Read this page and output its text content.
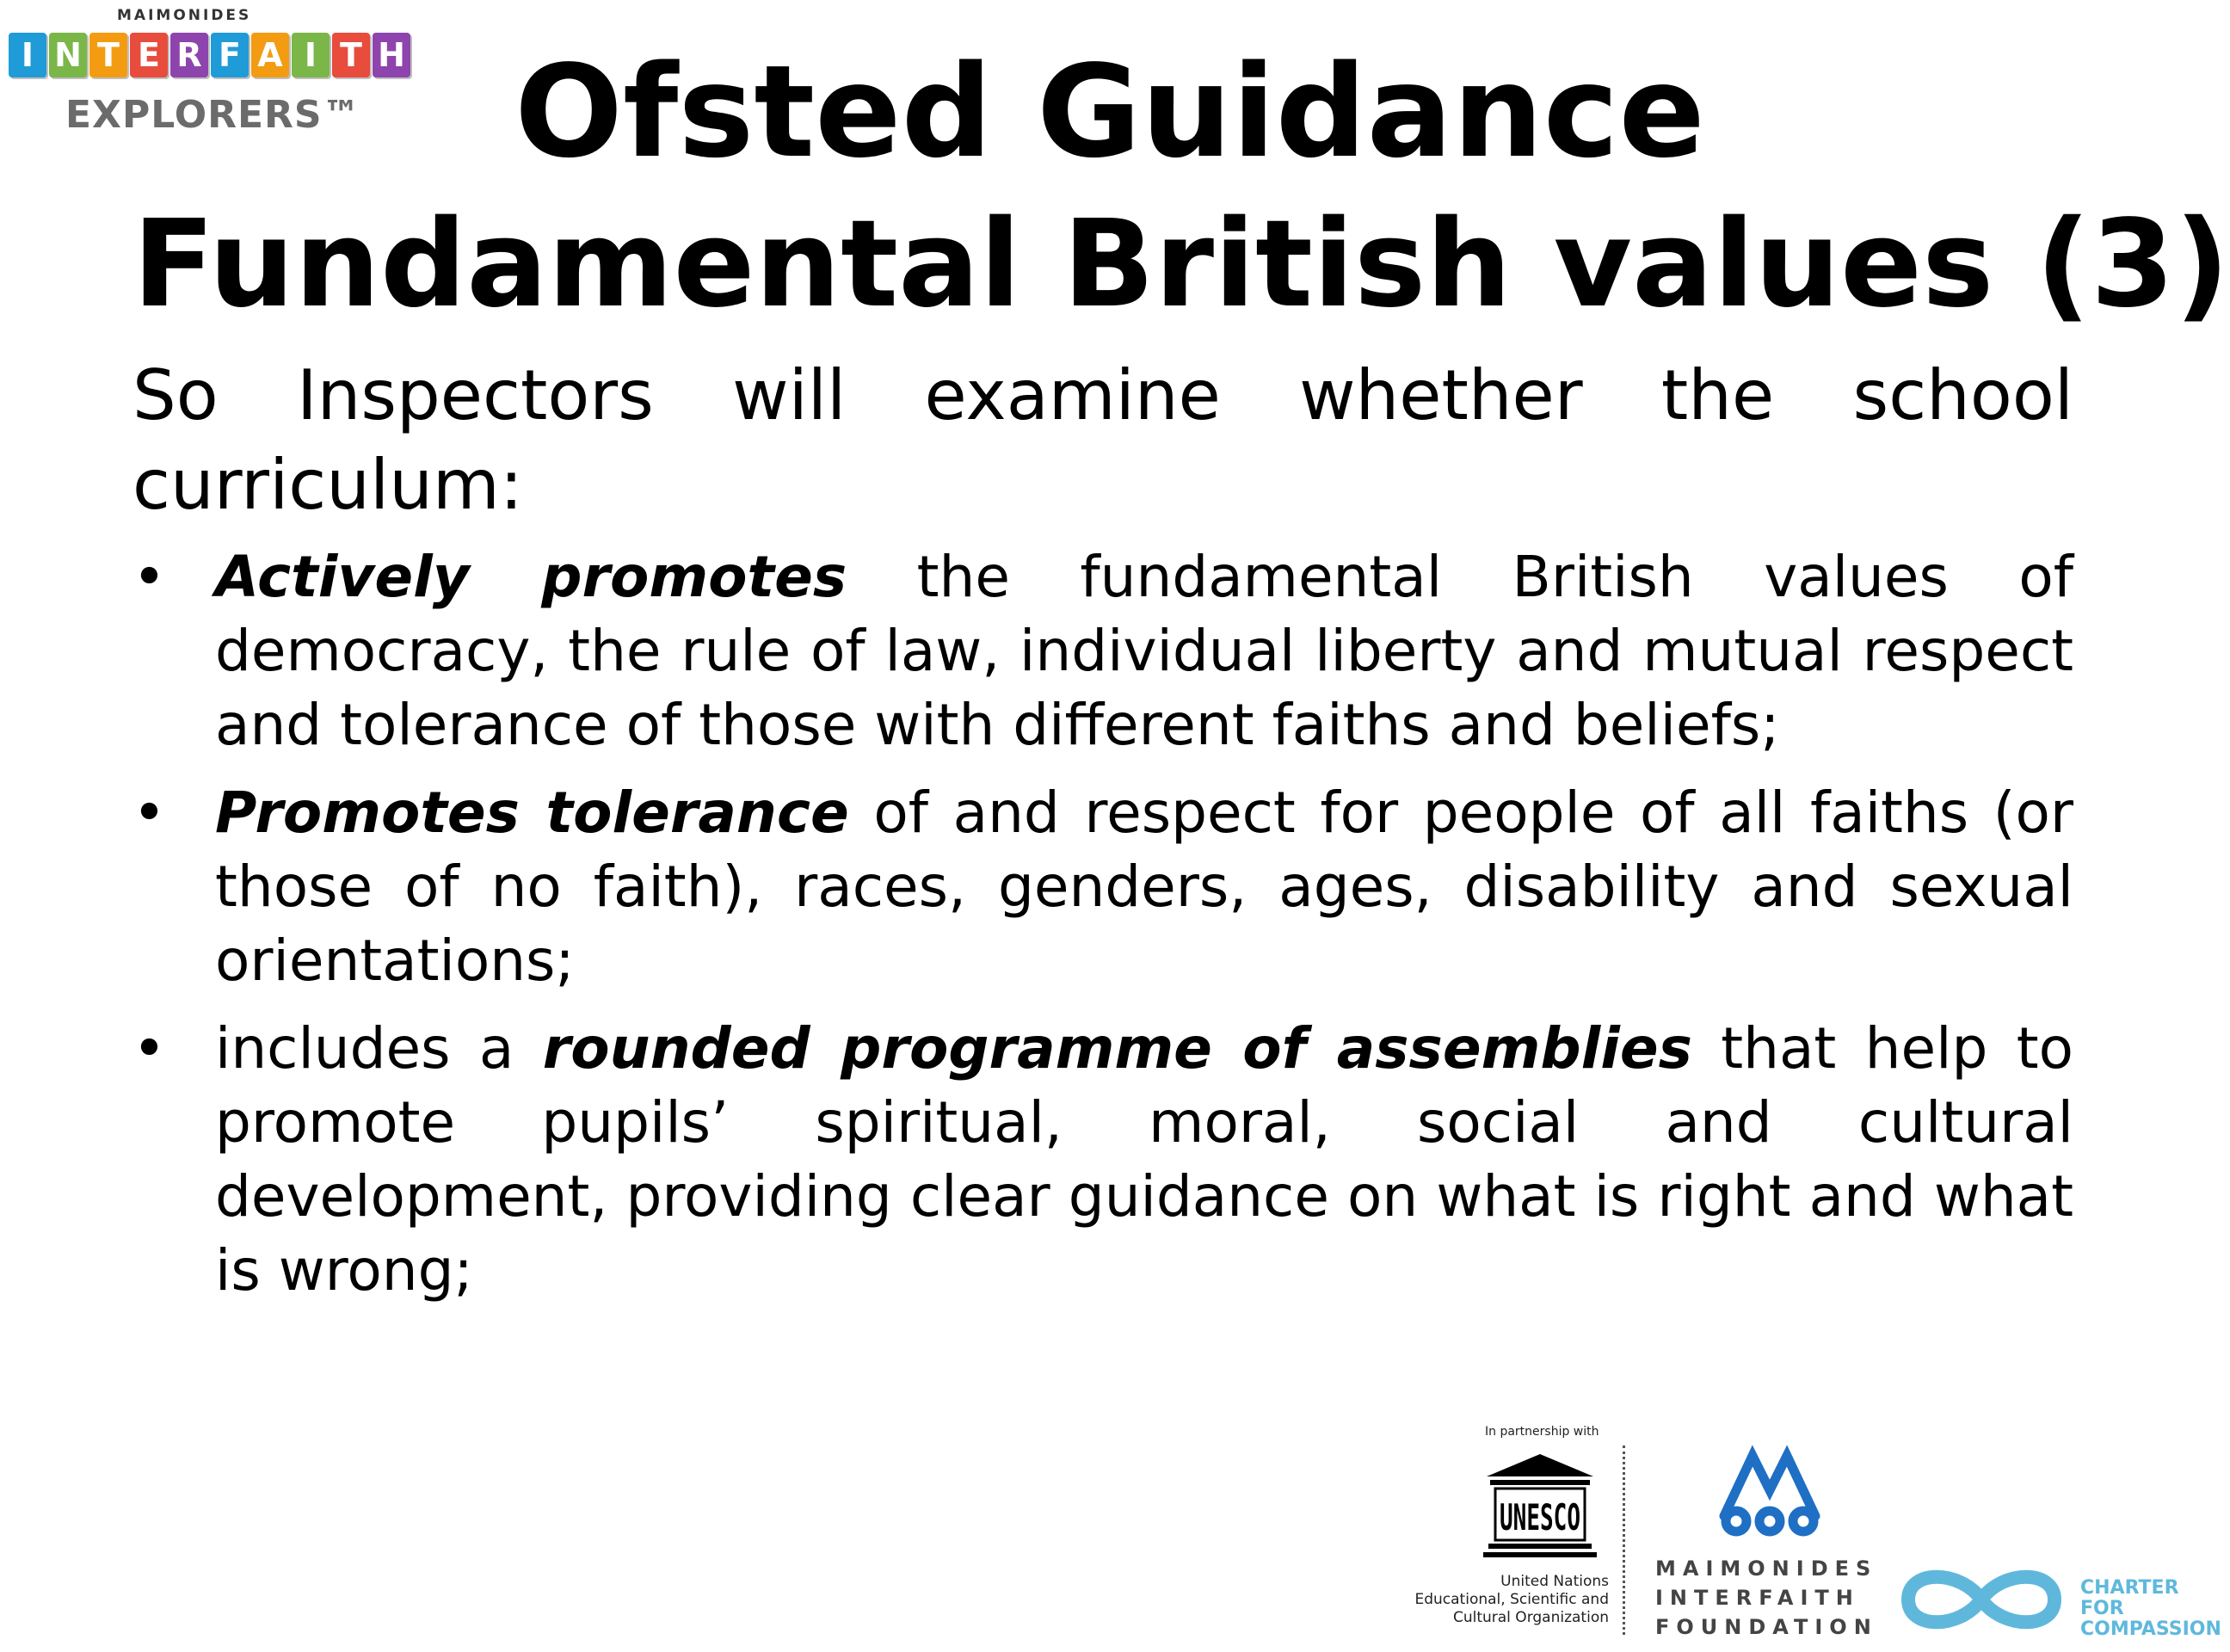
MAIMONIDES
I N T E R F A I T H
EXPLORERS™	Ofsted Guidance
Fundamental British values (3)
So Inspectors will examine whether the school curriculum:
• Actively promotes the fundamental British values of democracy, the rule of law, individual liberty and mutual respect and tolerance of those with different faiths and beliefs;
• Promotes tolerance of and respect for people of all faiths (or those of no faith), races, genders, ages, disability and sexual orientations;
• includes a rounded programme of assemblies that help to promote pupils’ spiritual, moral, social and cultural development, providing clear guidance on what is right and what is wrong;
In partnership with
UNESCO
United Nations
Educational, Scientific and
Cultural Organization
MAIMONIDES
INTERFAITH
FOUNDATION
CHARTER FOR
COMPASSION
